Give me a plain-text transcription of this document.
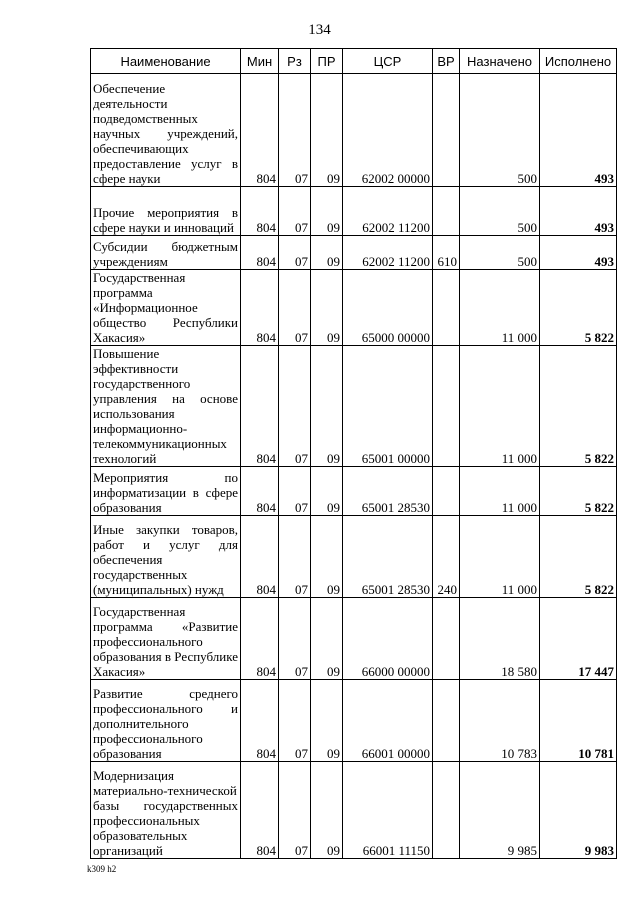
134
Наименование	Мин	Рз	ПР	ЦСР	ВР	Назначено	Исполнено
Обеспечение деятельности подведомственных научных учреждений, обеспечивающих предоставление услуг в сфере науки	804	07	09	62002 00000		500	493
Прочие мероприятия в сфере науки и инноваций	804	07	09	62002 11200		500	493
Субсидии бюджетным учреждениям	804	07	09	62002 11200	610	500	493
Государственная программа «Информационное общество Республики Хакасия»	804	07	09	65000 00000		11 000	5 822
Повышение эффективности государственного управления на основе использования информационно-телекоммуникационных технологий	804	07	09	65001 00000		11 000	5 822
Мероприятия по информатизации в сфере образования	804	07	09	65001 28530		11 000	5 822
Иные закупки товаров, работ и услуг для обеспечения государственных (муниципальных) нужд	804	07	09	65001 28530	240	11 000	5 822
Государственная программа «Развитие профессионального образования в Республике Хакасия»	804	07	09	66000 00000		18 580	17 447
Развитие среднего профессионального и дополнительного профессионального образования	804	07	09	66001 00000		10 783	10 781
Модернизация материально-технической базы государственных профессиональных образовательных организаций	804	07	09	66001 11150		9 985	9 983
k309 h2
